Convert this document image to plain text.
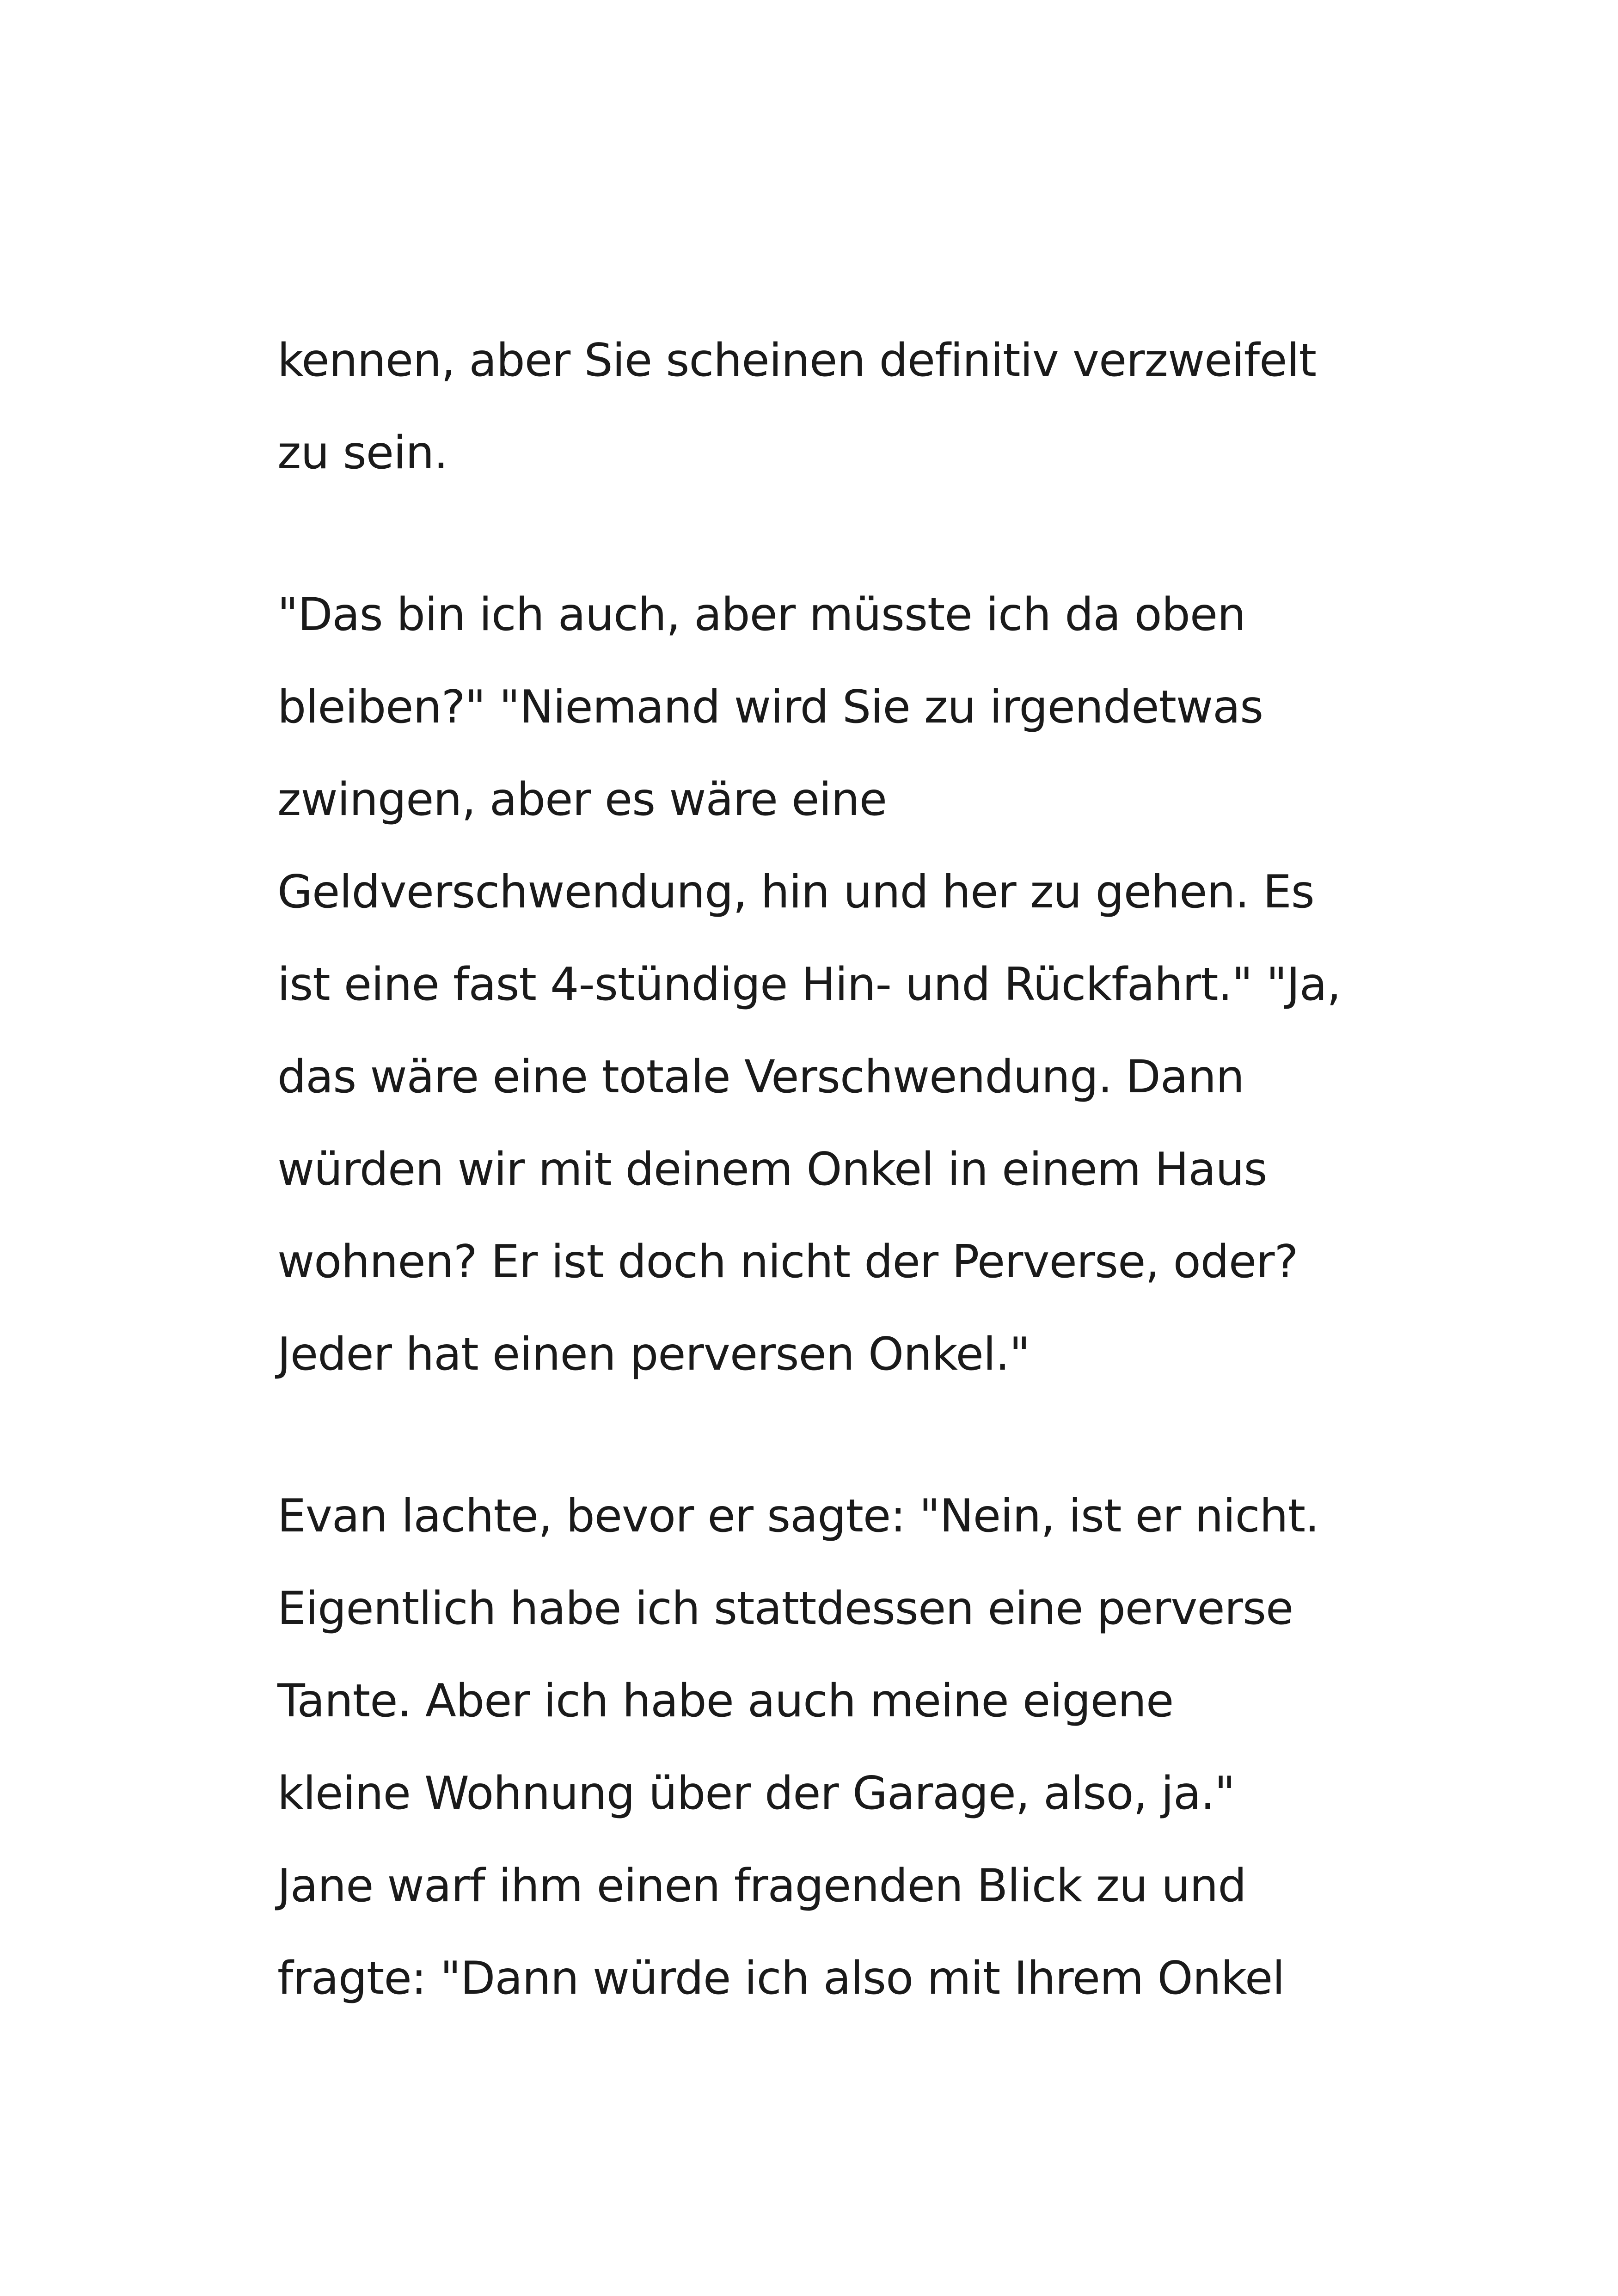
kennen, aber Sie scheinen definitiv verzweifelt
zu sein.
"Das bin ich auch, aber müsste ich da oben
bleiben?" "Niemand wird Sie zu irgendetwas
zwingen, aber es wäre eine
Geldverschwendung, hin und her zu gehen. Es
ist eine fast 4-stündige Hin- und Rückfahrt." "Ja,
das wäre eine totale Verschwendung. Dann
würden wir mit deinem Onkel in einem Haus
wohnen? Er ist doch nicht der Perverse, oder?
Jeder hat einen perversen Onkel."
Evan lachte, bevor er sagte: "Nein, ist er nicht.
Eigentlich habe ich stattdessen eine perverse
Tante. Aber ich habe auch meine eigene
kleine Wohnung über der Garage, also, ja."
Jane warf ihm einen fragenden Blick zu und
fragte: "Dann würde ich also mit Ihrem Onkel
